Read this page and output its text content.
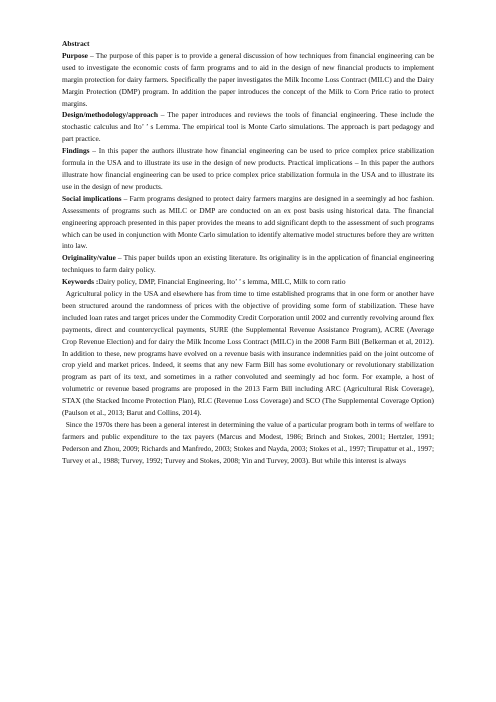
Abstract
Purpose – The purpose of this paper is to provide a general discussion of how techniques from financial engineering can be used to investigate the economic costs of farm programs and to aid in the design of new financial products to implement margin protection for dairy farmers. Specifically the paper investigates the Milk Income Loss Contract (MILC) and the Dairy Margin Protection (DMP) program. In addition the paper introduces the concept of the Milk to Corn Price ratio to protect margins.
Design/methodology/approach – The paper introduces and reviews the tools of financial engineering. These include the stochastic calculus and Ito’ ’ s Lemma. The empirical tool is Monte Carlo simulations. The approach is part pedagogy and part practice.
Findings – In this paper the authors illustrate how financial engineering can be used to price complex price stabilization formula in the USA and to illustrate its use in the design of new products. Practical implications – In this paper the authors illustrate how financial engineering can be used to price complex price stabilization formula in the USA and to illustrate its use in the design of new products.
Social implications – Farm programs designed to protect dairy farmers margins are designed in a seemingly ad hoc fashion. Assessments of programs such as MILC or DMP are conducted on an ex post basis using historical data. The financial engineering approach presented in this paper provides the means to add significant depth to the assessment of such programs which can be used in conjunction with Monte Carlo simulation to identify alternative model structures before they are written into law.
Originality/value – This paper builds upon an existing literature. Its originality is in the application of financial engineering techniques to farm dairy policy.
Keywords :Dairy policy, DMP, Financial Engineering, Ito’ ’ s lemma, MILC, Milk to corn ratio
 Agricultural policy in the USA and elsewhere has from time to time established programs that in one form or another have been structured around the randomness of prices with the objective of providing some form of stabilization. These have included loan rates and target prices under the Commodity Credit Corporation until 2002 and currently revolving around flex payments, direct and countercyclical payments, SURE (the Supplemental Revenue Assistance Program), ACRE (Average Crop Revenue Election) and for dairy the Milk Income Loss Contract (MILC) in the 2008 Farm Bill (Belkerman et al, 2012). In addition to these, new programs have evolved on a revenue basis with insurance indemnities paid on the joint outcome of crop yield and market prices. Indeed, it seems that any new Farm Bill has some evolutionary or revolutionary stabilization program as part of its text, and sometimes in a rather convoluted and seemingly ad hoc form. For example, a host of volumetric or revenue based programs are proposed in the 2013 Farm Bill including ARC (Agricultural Risk Coverage), STAX (the Stacked Income Protection Plan), RLC (Revenue Loss Coverage) and SCO (The Supplemental Coverage Option) (Paulson et al., 2013; Barut and Collins, 2014).
 Since the 1970s there has been a general interest in determining the value of a particular program both in terms of welfare to farmers and public expenditure to the tax payers (Marcus and Modest, 1986; Brinch and Stokes, 2001; Hertzler, 1991; Pederson and Zhou, 2009; Richards and Manfredo, 2003; Stokes and Nayda, 2003; Stokes et al., 1997; Tirupattur et al., 1997; Turvey et al., 1988; Turvey, 1992; Turvey and Stokes, 2008; Yin and Turvey, 2003). But while this interest is always
